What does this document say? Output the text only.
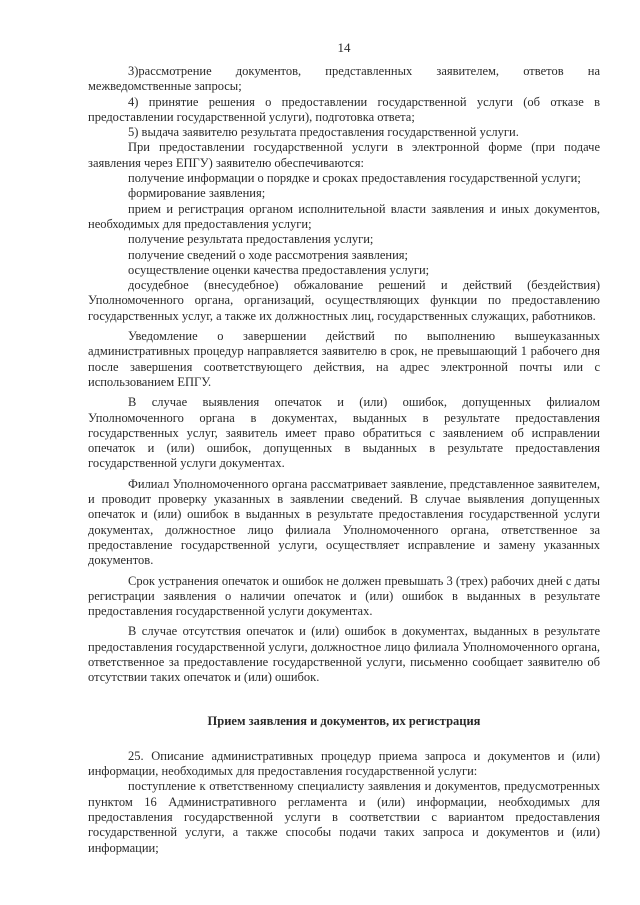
14

3)рассмотрение документов, представленных заявителем, ответов на межведомственные запросы;

4) принятие решения о предоставлении государственной услуги (об отказе в предоставлении государственной услуги), подготовка ответа;

5) выдача заявителю результата предоставления государственной услуги.

При предоставлении государственной услуги в электронной форме (при подаче заявления через ЕПГУ) заявителю обеспечиваются:

получение информации о порядке и сроках предоставления государственной услуги;

формирование заявления;

прием и регистрация органом исполнительной власти заявления и иных документов, необходимых для предоставления услуги;

получение результата предоставления услуги;

получение сведений о ходе рассмотрения заявления;

осуществление оценки качества предоставления услуги;

досудебное (внесудебное) обжалование решений и действий (бездействия) Уполномоченного органа, организаций, осуществляющих функции по предоставлению государственных услуг, а также их должностных лиц, государственных служащих, работников.

Уведомление о завершении действий по выполнению вышеуказанных административных процедур направляется заявителю в срок, не превышающий 1 рабочего дня после завершения соответствующего действия, на адрес электронной почты или с использованием ЕПГУ.

В случае выявления опечаток и (или) ошибок, допущенных филиалом Уполномоченного органа в документах, выданных в результате предоставления государственных услуг, заявитель имеет право обратиться с заявлением об исправлении опечаток и (или) ошибок, допущенных в выданных в результате предоставления государственной услуги документах.

Филиал Уполномоченного органа рассматривает заявление, представленное заявителем, и проводит проверку указанных в заявлении сведений. В случае выявления допущенных опечаток и (или) ошибок в выданных в результате предоставления государственной услуги документах, должностное лицо филиала Уполномоченного органа, ответственное за предоставление государственной услуги, осуществляет исправление и замену указанных документов.

Срок устранения опечаток и ошибок не должен превышать 3 (трех) рабочих дней с даты регистрации заявления о наличии опечаток и (или) ошибок в выданных в результате предоставления государственной услуги документах.

В случае отсутствия опечаток и (или) ошибок в документах, выданных в результате предоставления государственной услуги, должностное лицо филиала Уполномоченного органа, ответственное за предоставление государственной услуги, письменно сообщает заявителю об отсутствии таких опечаток и (или) ошибок.

Прием заявления и документов, их регистрация

25. Описание административных процедур приема запроса и документов и (или) информации, необходимых для предоставления государственной услуги:

поступление к ответственному специалисту заявления и документов, предусмотренных пунктом 16 Административного регламента и (или) информации, необходимых для предоставления государственной услуги в соответствии с вариантом предоставления государственной услуги, а также способы подачи таких запроса и документов и (или) информации;
